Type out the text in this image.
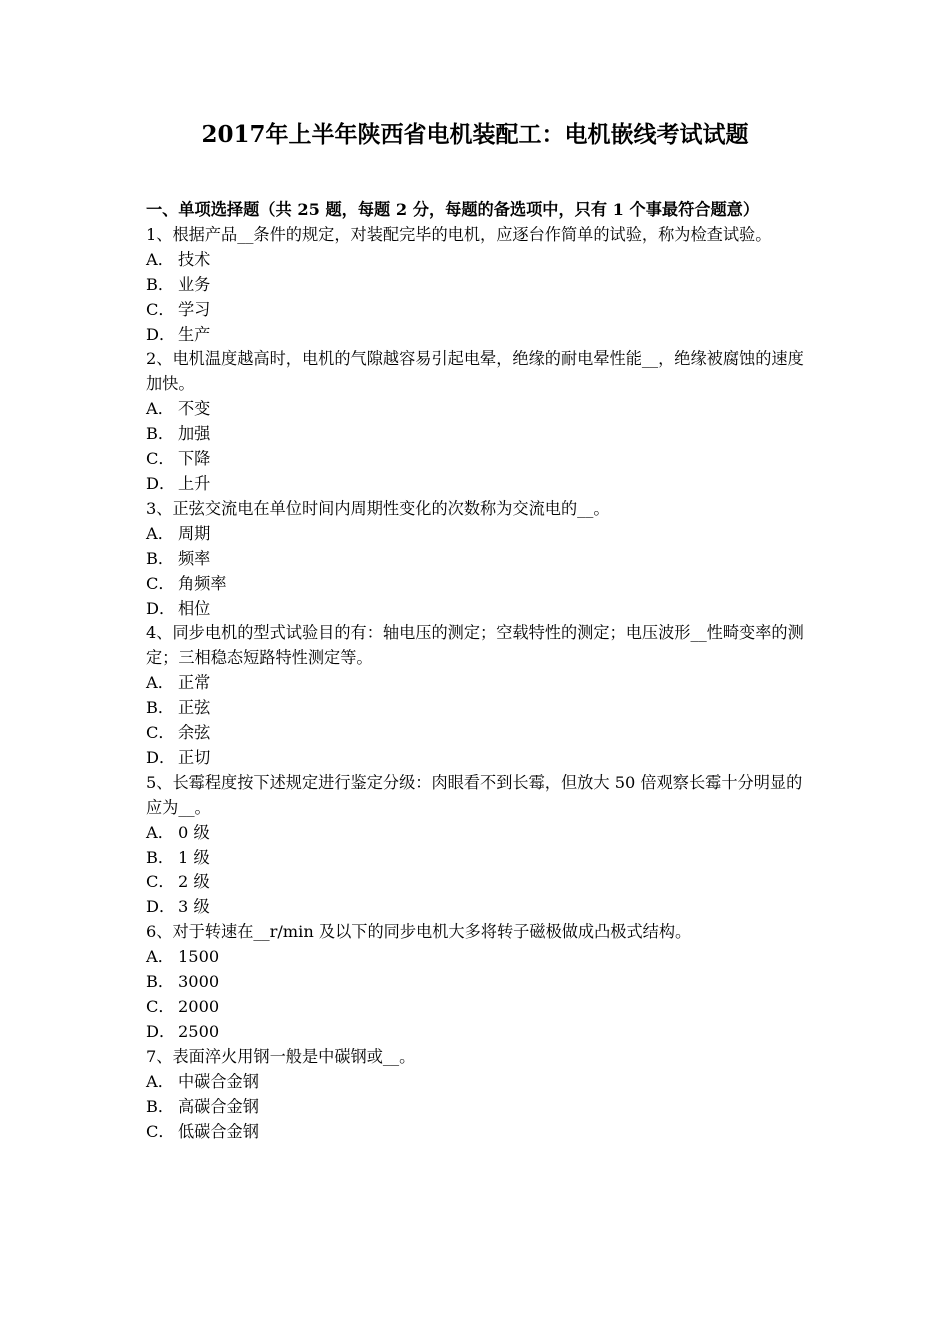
2017年上半年陕西省电机装配工：电机嵌线考试试题

一、单项选择题（共 25 题，每题 2 分，每题的备选项中，只有 1 个事最符合题意）

1、根据产品__条件的规定，对装配完毕的电机，应逐台作简单的试验，称为检查试验。

A． 技术

B． 业务

C． 学习

D． 生产

2、电机温度越高时，电机的气隙越容易引起电晕，绝缘的耐电晕性能__，绝缘被腐蚀的速度加快。

A． 不变

B． 加强

C． 下降

D． 上升

3、正弦交流电在单位时间内周期性变化的次数称为交流电的__。

A． 周期

B． 频率

C． 角频率

D． 相位

4、同步电机的型式试验目的有：轴电压的测定；空载特性的测定；电压波形__性畸变率的测定；三相稳态短路特性测定等。

A． 正常

B． 正弦

C． 余弦

D． 正切

5、长霉程度按下述规定进行鉴定分级：肉眼看不到长霉，但放大 50 倍观察长霉十分明显的应为__。

A． 0 级

B． 1 级

C． 2 级

D． 3 级

6、对于转速在__r/min 及以下的同步电机大多将转子磁极做成凸极式结构。

A． 1500

B． 3000

C． 2000

D． 2500

7、表面淬火用钢一般是中碳钢或__。

A． 中碳合金钢

B． 高碳合金钢

C． 低碳合金钢
